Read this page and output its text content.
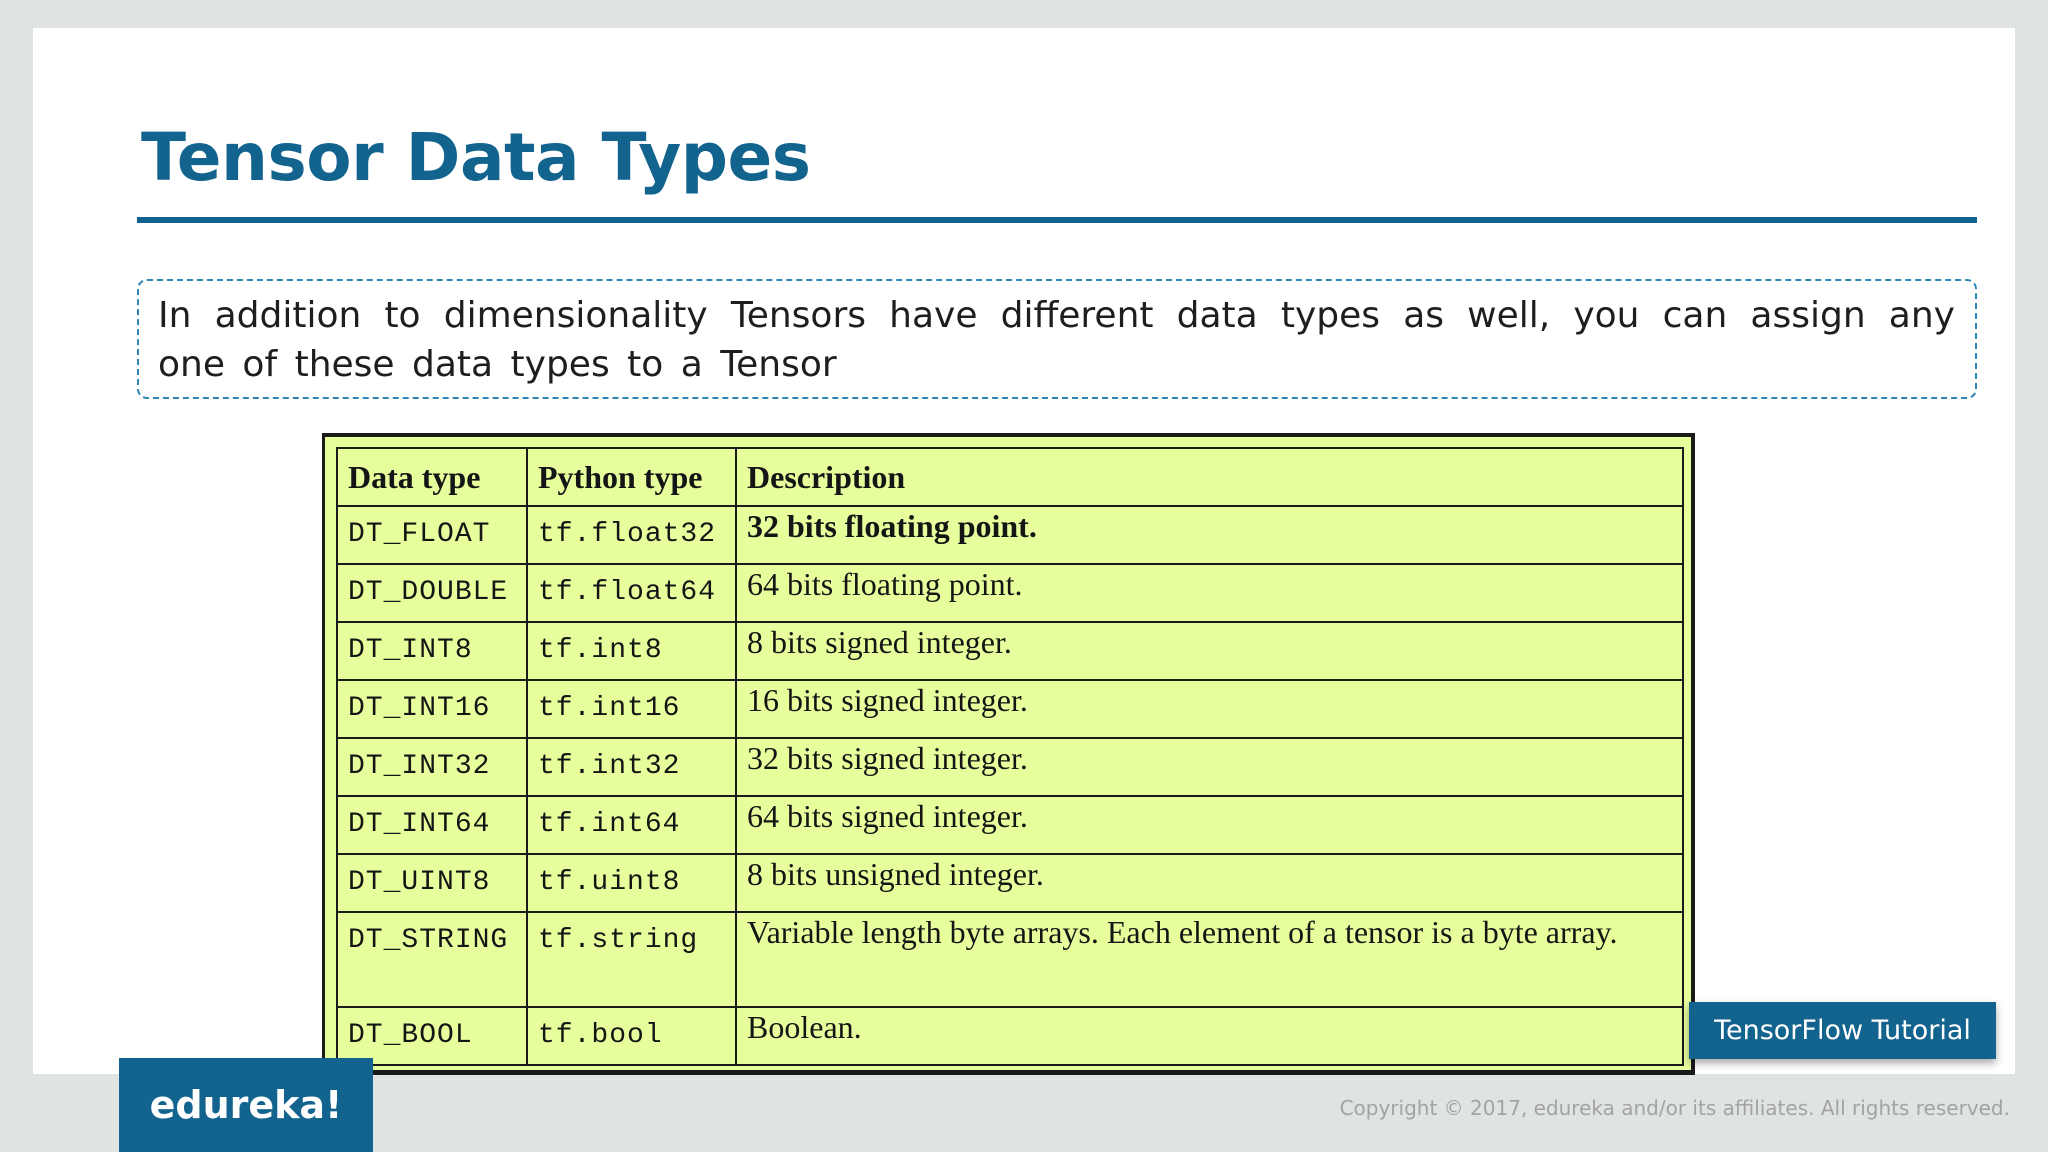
Tensor Data Types
In addition to dimensionality Tensors have different data types as well, you can assign any one of these data types to a Tensor
Data type	Python type	Description
DT_FLOAT	tf.float32	32 bits floating point.
DT_DOUBLE	tf.float64	64 bits floating point.
DT_INT8	tf.int8	8 bits signed integer.
DT_INT16	tf.int16	16 bits signed integer.
DT_INT32	tf.int32	32 bits signed integer.
DT_INT64	tf.int64	64 bits signed integer.
DT_UINT8	tf.uint8	8 bits unsigned integer.
DT_STRING	tf.string	Variable length byte arrays. Each element of a tensor is a byte array.
DT_BOOL	tf.bool	Boolean.	TensorFlow Tutorial
edureka!	Copyright © 2017, edureka and/or its affiliates. All rights reserved.
